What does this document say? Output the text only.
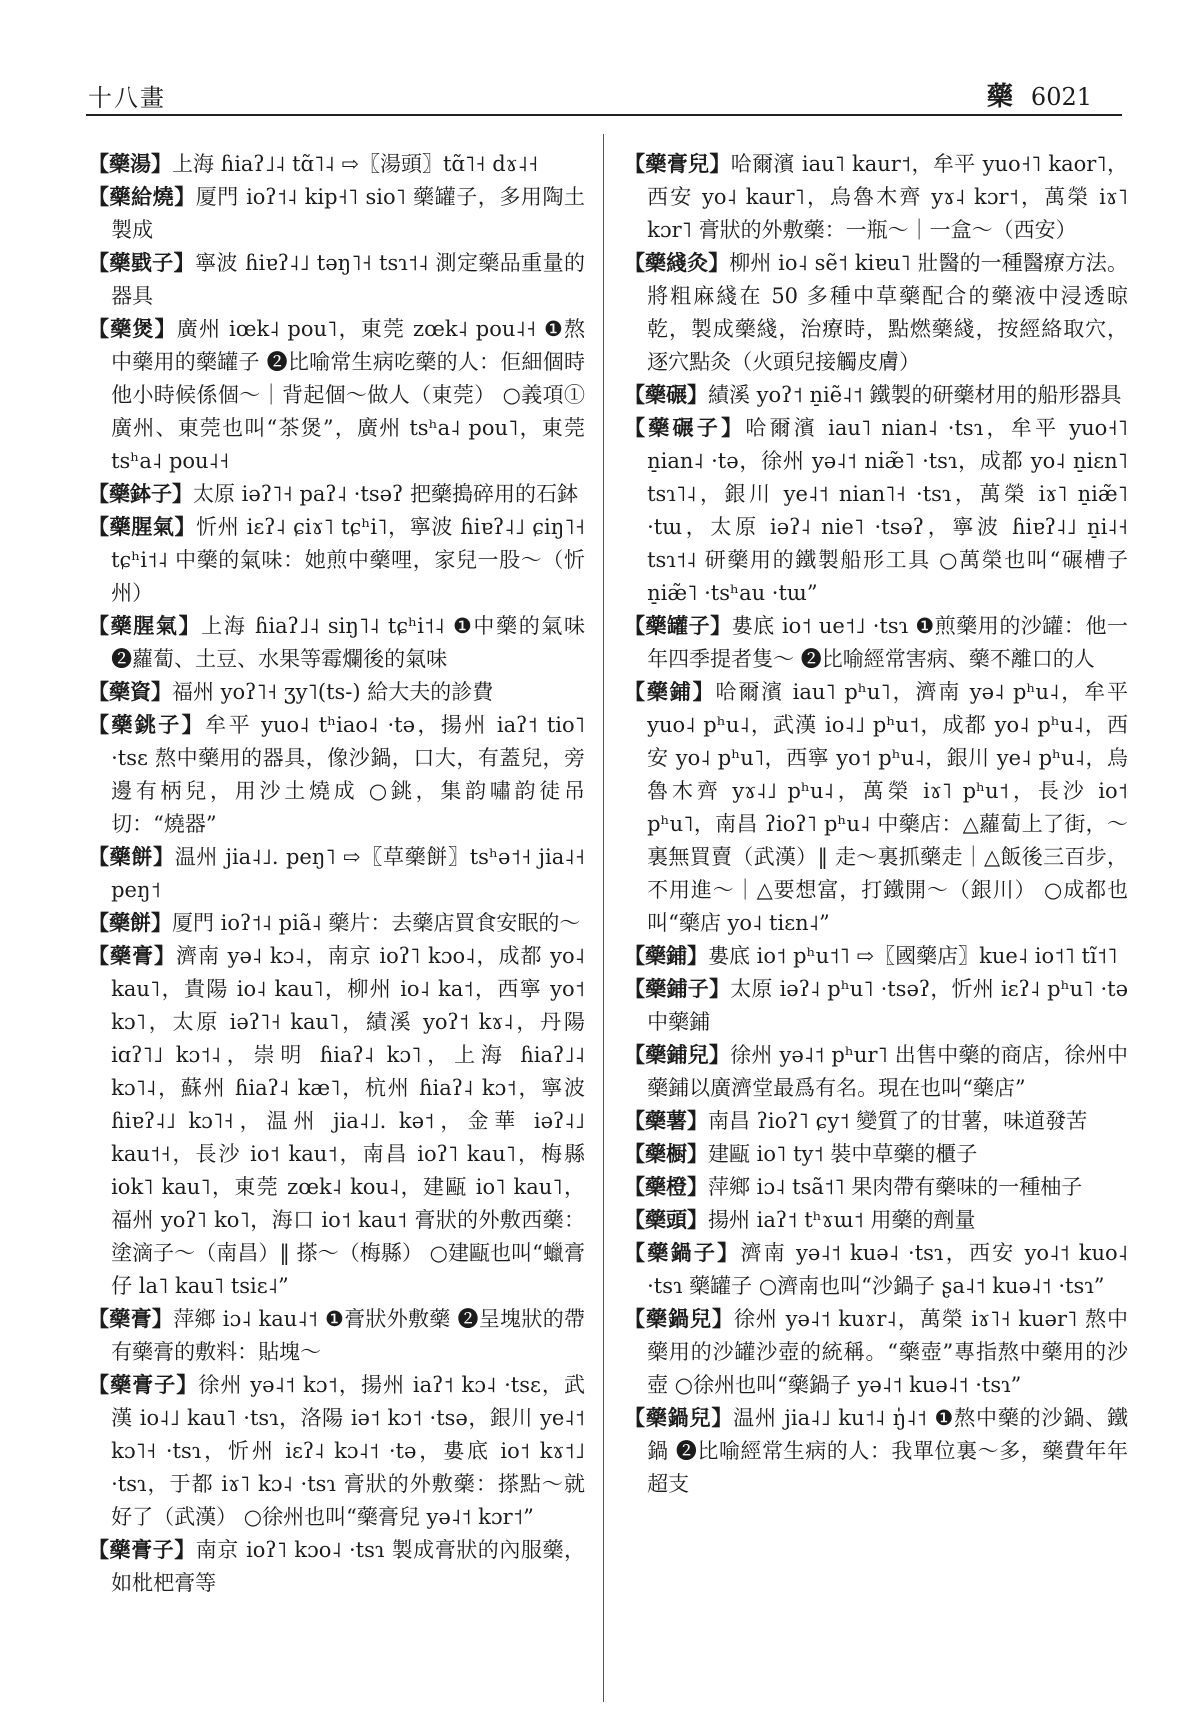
十八畫	藥 6021

【藥湯】上海 ɦiaʔ˩˨ tɑ̃˥˨ ⇨〖湯頭〗tɑ̃˥˧ dɤ˨˧

【藥給燒】厦門 ioʔ˦˨ kip˧˥ sio˥ 藥罐子，多用陶土製成

【藥戥子】寧波 ɦiɐʔ˨˩ təŋ˥˧ tsɿ˦˨ 測定藥品重量的器具

【藥煲】廣州 iœk˨ pou˥，東莞 zœk˨ pou˨˧ ❶熬中藥用的藥罐子 ❷比喻常生病吃藥的人：佢細個時他小時候係個～｜背起個～做人（東莞） ○義項①廣州、東莞也叫“茶煲”，廣州 tsʰa˨ pou˥，東莞 tsʰa˨ pou˨˧

【藥鉢子】太原 iəʔ˥˧ paʔ˨ ·tsəʔ 把藥搗碎用的石鉢

【藥腥氣】忻州 iɛʔ˨ ɕiɤ˥ tɕʰi˥，寧波 ɦiɐʔ˨˩ ɕiŋ˥˧ tɕʰi˦˨ 中藥的氣味：她煎中藥哩，家兒一股～（忻州）

【藥腥氣】上海 ɦiaʔ˩˨ siŋ˥˨ tɕʰi˦˨ ❶中藥的氣味 ❷蘿蔔、土豆、水果等霉爛後的氣味

【藥資】福州 yoʔ˥˧ ʒy˥(ts-) 給大夫的診費

【藥銚子】牟平 yuo˨ tʰiao˨ ·tə，揚州 iaʔ˦ tio˥ ·tsɛ 熬中藥用的器具，像沙鍋，口大，有蓋兒，旁邊有柄兒，用沙土燒成 ○銚，集韵嘯韵徒吊切：“燒器”

【藥餅】温州 jia˨˩. peŋ˥ ⇨〖草藥餅〗tsʰə˦˧ jia˨˧ peŋ˦

【藥餅】厦門 ioʔ˦˨ piã˨ 藥片：去藥店買食安眠的～

【藥膏】濟南 yə˨ kɔ˨，南京 ioʔ˥ kɔo˨，成都 yo˨ kau˥，貴陽 io˨ kau˥，柳州 io˨ ka˦，西寧 yo˦ kɔ˥，太原 iəʔ˥˧ kau˥，績溪 yoʔ˦ kɤ˨，丹陽 iɑʔ˥˩ kɔ˦˨，崇明 ɦiaʔ˨ kɔ˥，上海 ɦiaʔ˩˨ kɔ˥˨，蘇州 ɦiaʔ˨ kæ˥，杭州 ɦiaʔ˨ kɔ˦，寧波 ɦiɐʔ˨˩ kɔ˥˧，温州 jia˨˩. kə˦，金華 iəʔ˨˩ kau˦˧，長沙 io˦ kau˦，南昌 ioʔ˥ kau˥，梅縣 iok˥ kau˥，東莞 zœk˨ kou˨，建甌 io˥ kau˥，福州 yoʔ˥ ko˥，海口 io˦ kau˦ 膏狀的外敷西藥：塗滴子～（南昌）‖ 搽～（梅縣） ○建甌也叫“蠟膏仔 la˥ kau˥ tsiɛ˨”

【藥膏】萍鄉 iɔ˨ kau˨˦ ❶膏狀外敷藥 ❷呈塊狀的帶有藥膏的敷料：貼塊～

【藥膏子】徐州 yə˨˦ kɔ˦，揚州 iaʔ˦ kɔ˨ ·tsɛ，武漢 io˨˩ kau˥ ·tsɿ，洛陽 iə˦ kɔ˦ ·tsə，銀川 ye˨˦ kɔ˥˧ ·tsɿ，忻州 iɛʔ˨ kɔ˨˦ ·tə，婁底 io˦ kɤ˦˩ ·tsɿ，于都 iɤ˥ kɔ˨ ·tsɿ 膏狀的外敷藥：搽點～就好了（武漢） ○徐州也叫“藥膏兒 yə˨˦ kɔr˦”

【藥膏子】南京 ioʔ˥ kɔo˨ ·tsɿ 製成膏狀的內服藥，如枇杷膏等

【藥膏兒】哈爾濱 iau˥ kaur˦，牟平 yuo˧˥ kaor˥，西安 yo˨ kaur˥，烏魯木齊 yɤ˨ kɔr˦，萬榮 iɤ˥ kɔr˥ 膏狀的外敷藥：一瓶～｜一盒～（西安）

【藥綫灸】柳州 io˨ sẽ˦ kiɐu˥ 壯醫的一種醫療方法。將粗麻綫在 50 多種中草藥配合的藥液中浸透晾乾，製成藥綫，治療時，點燃藥綫，按經絡取穴，逐穴點灸（火頭兒接觸皮膚）

【藥碾】績溪 yoʔ˦ n̠iẽ˨˦ 鐵製的研藥材用的船形器具

【藥碾子】哈爾濱 iau˥ nian˨ ·tsɿ，牟平 yuo˧˥ n̠ian˨ ·tə，徐州 yə˨˦ niæ̃˥ ·tsɿ，成都 yo˨ n̠iɛn˥ tsɿ˥˨，銀川 ye˨˦ nian˥˧ ·tsɿ，萬榮 iɤ˥ n̠iæ̃˥ ·tɯ，太原 iəʔ˨ nie˥ ·tsəʔ，寧波 ɦiɐʔ˨˩ n̠i˨˧ tsɿ˦˨ 研藥用的鐵製船形工具 ○萬榮也叫“碾槽子 n̠iæ̃˥ ·tsʰau ·tɯ”

【藥罐子】婁底 io˦ ue˦˩ ·tsɿ ❶煎藥用的沙罐：他一年四季提者隻～ ❷比喻經常害病、藥不離口的人

【藥鋪】哈爾濱 iau˥ pʰu˥，濟南 yə˨ pʰu˨，牟平 yuo˨ pʰu˨，武漢 io˨˩ pʰu˦，成都 yo˨ pʰu˨，西安 yo˨ pʰu˥，西寧 yo˦ pʰu˨，銀川 ye˨ pʰu˨，烏魯木齊 yɤ˨˩ pʰu˨，萬榮 iɤ˥ pʰu˦，長沙 io˦ pʰu˥，南昌 ʔioʔ˥ pʰu˨ 中藥店：△蘿蔔上了街，～裏無買賣（武漢）‖ 走～裏抓藥走｜△飯後三百步，不用進～｜△要想富，打鐵開～（銀川） ○成都也叫“藥店 yo˨ tiɛn˨”

【藥鋪】婁底 io˦ pʰu˦˥ ⇨〖國藥店〗kue˨ io˦˥ tĩ˦˥

【藥鋪子】太原 iəʔ˨ pʰu˥ ·tsəʔ，忻州 iɛʔ˨ pʰu˥ ·tə 中藥鋪

【藥鋪兒】徐州 yə˨˦ pʰur˥ 出售中藥的商店，徐州中藥鋪以廣濟堂最爲有名。現在也叫“藥店”

【藥薯】南昌 ʔioʔ˥ ɕy˦ 變質了的甘薯，味道發苦

【藥橱】建甌 io˥ ty˦ 裝中草藥的櫃子

【藥橙】萍鄉 iɔ˨ tsã˦˥ 果肉帶有藥味的一種柚子

【藥頭】揚州 iaʔ˦ tʰɤɯ˦ 用藥的劑量

【藥鍋子】濟南 yə˨˦ kuə˨ ·tsɿ，西安 yo˨˦ kuo˨ ·tsɿ 藥罐子 ○濟南也叫“沙鍋子 ʂa˨˦ kuə˨˦ ·tsɿ”

【藥鍋兒】徐州 yə˨˦ kuɤr˨，萬榮 iɤ˥˧ kuər˥ 熬中藥用的沙罐沙壺的統稱。“藥壺”專指熬中藥用的沙壺 ○徐州也叫“藥鍋子 yə˨˦ kuə˨˦ ·tsɿ”

【藥鍋兒】温州 jia˨˩ ku˦˨ ŋ̍˨˦ ❶熬中藥的沙鍋、鐵鍋 ❷比喻經常生病的人：我單位裏～多，藥費年年超支
